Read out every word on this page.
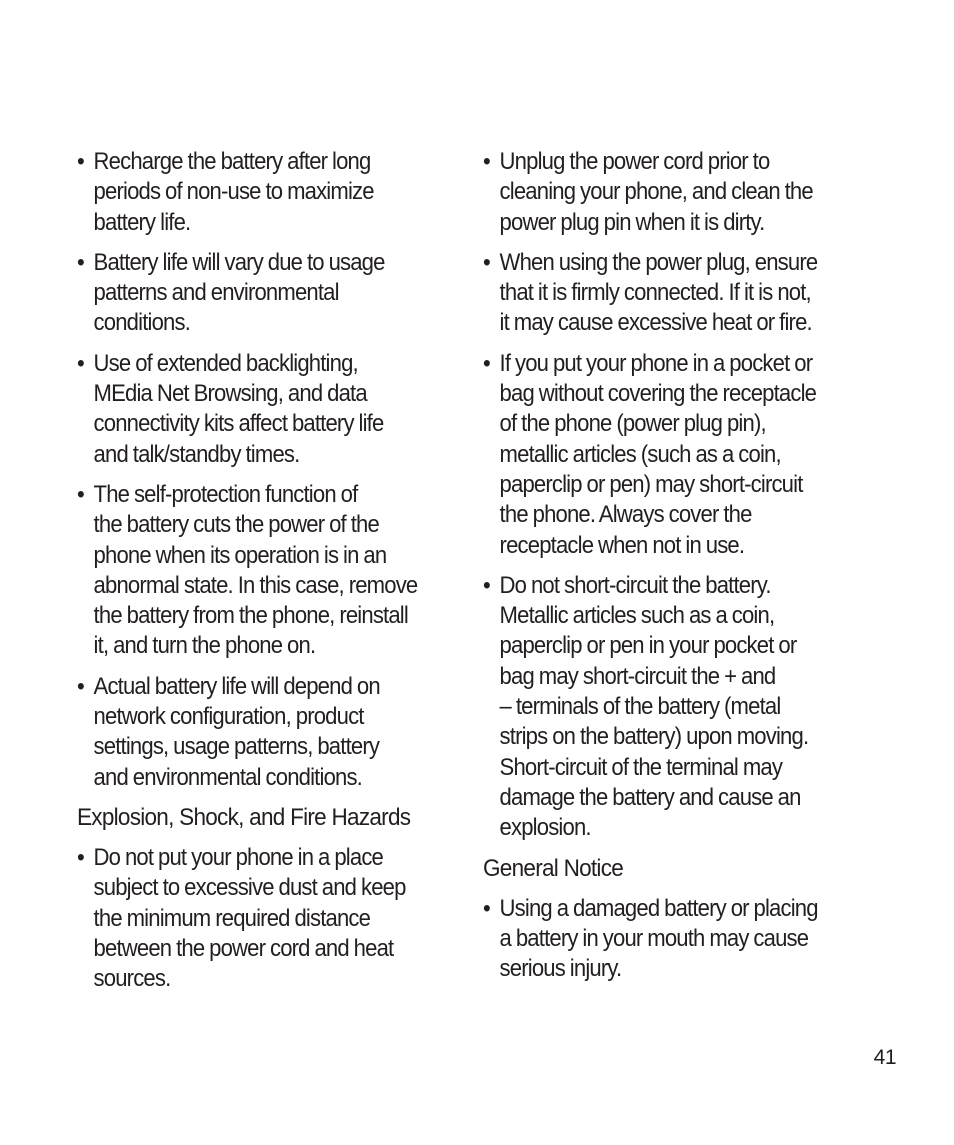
• Recharge the battery after long
periods of non-use to maximize
battery life.
• Battery life will vary due to usage
patterns and environmental
conditions.
• Use of extended backlighting,
MEdia Net Browsing, and data
connectivity kits affect battery life
and talk/standby times.
• The self-protection function of
the battery cuts the power of the
phone when its operation is in an
abnormal state. In this case, remove
the battery from the phone, reinstall
it, and turn the phone on.
• Actual battery life will depend on
network configuration, product
settings, usage patterns, battery
and environmental conditions.
Explosion, Shock, and Fire Hazards
• Do not put your phone in a place
subject to excessive dust and keep
the minimum required distance
between the power cord and heat
sources.
• Unplug the power cord prior to
cleaning your phone, and clean the
power plug pin when it is dirty.
• When using the power plug, ensure
that it is firmly connected. If it is not,
it may cause excessive heat or fire.
• If you put your phone in a pocket or
bag without covering the receptacle
of the phone (power plug pin),
metallic articles (such as a coin,
paperclip or pen) may short-circuit
the phone. Always cover the
receptacle when not in use.
• Do not short-circuit the battery.
Metallic articles such as a coin,
paperclip or pen in your pocket or
bag may short-circuit the + and
– terminals of the battery (metal
strips on the battery) upon moving.
Short-circuit of the terminal may
damage the battery and cause an
explosion.
General Notice
• Using a damaged battery or placing
a battery in your mouth may cause
serious injury.
41
